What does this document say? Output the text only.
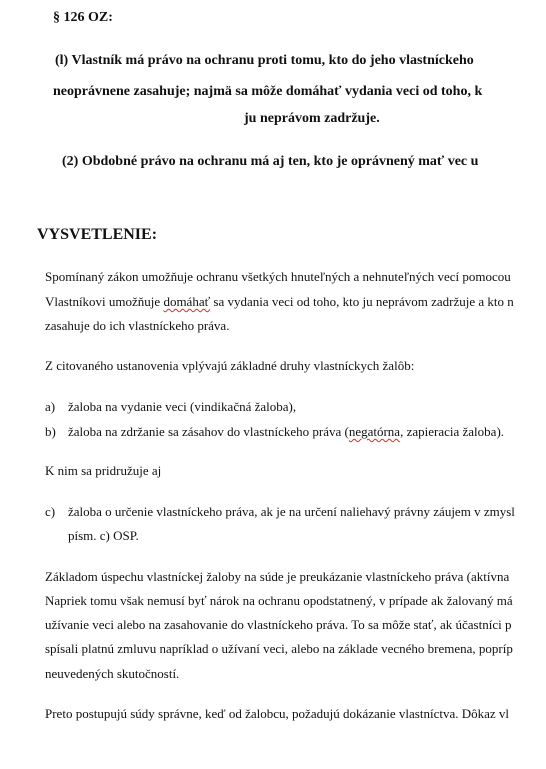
§ 126 OZ:
(l) Vlastník má právo na ochranu proti tomu, kto do jeho vlastníckeho
neoprávnene zasahuje; najmä sa môže domáhať vydania veci od toho, k
ju neprávom zadržuje.
(2) Obdobné právo na ochranu má aj ten, kto je oprávnený mať vec u
VYSVETLENIE:
Spomínaný zákon umožňuje ochranu všetkých hnuteľných a nehnuteľných vecí pomocou
Vlastníkovi umožňuje domáhať sa vydania veci od toho, kto ju neprávom zadržuje a kto n
zasahuje do ich vlastníckeho práva.
Z citovaného ustanovenia vplývajú základné druhy vlastníckych žalôb:
a) žaloba na vydanie veci (vindikačná žaloba),
b) žaloba na zdržanie sa zásahov do vlastníckeho práva (negatórna, zapieracia žaloba).
K nim sa pridružuje aj
c) žaloba o určenie vlastníckeho práva, ak je na určení naliehavý právny záujem v zmysl
písm. c) OSP.
Základom úspechu vlastníckej žaloby na súde je preukázanie vlastníckeho práva (aktívna
Napriek tomu však nemusí byť nárok na ochranu opodstatnený, v prípade ak žalovaný má
užívanie veci alebo na zasahovanie do vlastníckeho práva. To sa môže stať, ak účastníci p
spísali platnú zmluvu napríklad o užívaní veci, alebo na základe vecného bremena, popríp
neuvedených skutočností.
Preto postupujú súdy správne, keď od žalobcu, požadujú dokázanie vlastníctva. Dôkaz vl
